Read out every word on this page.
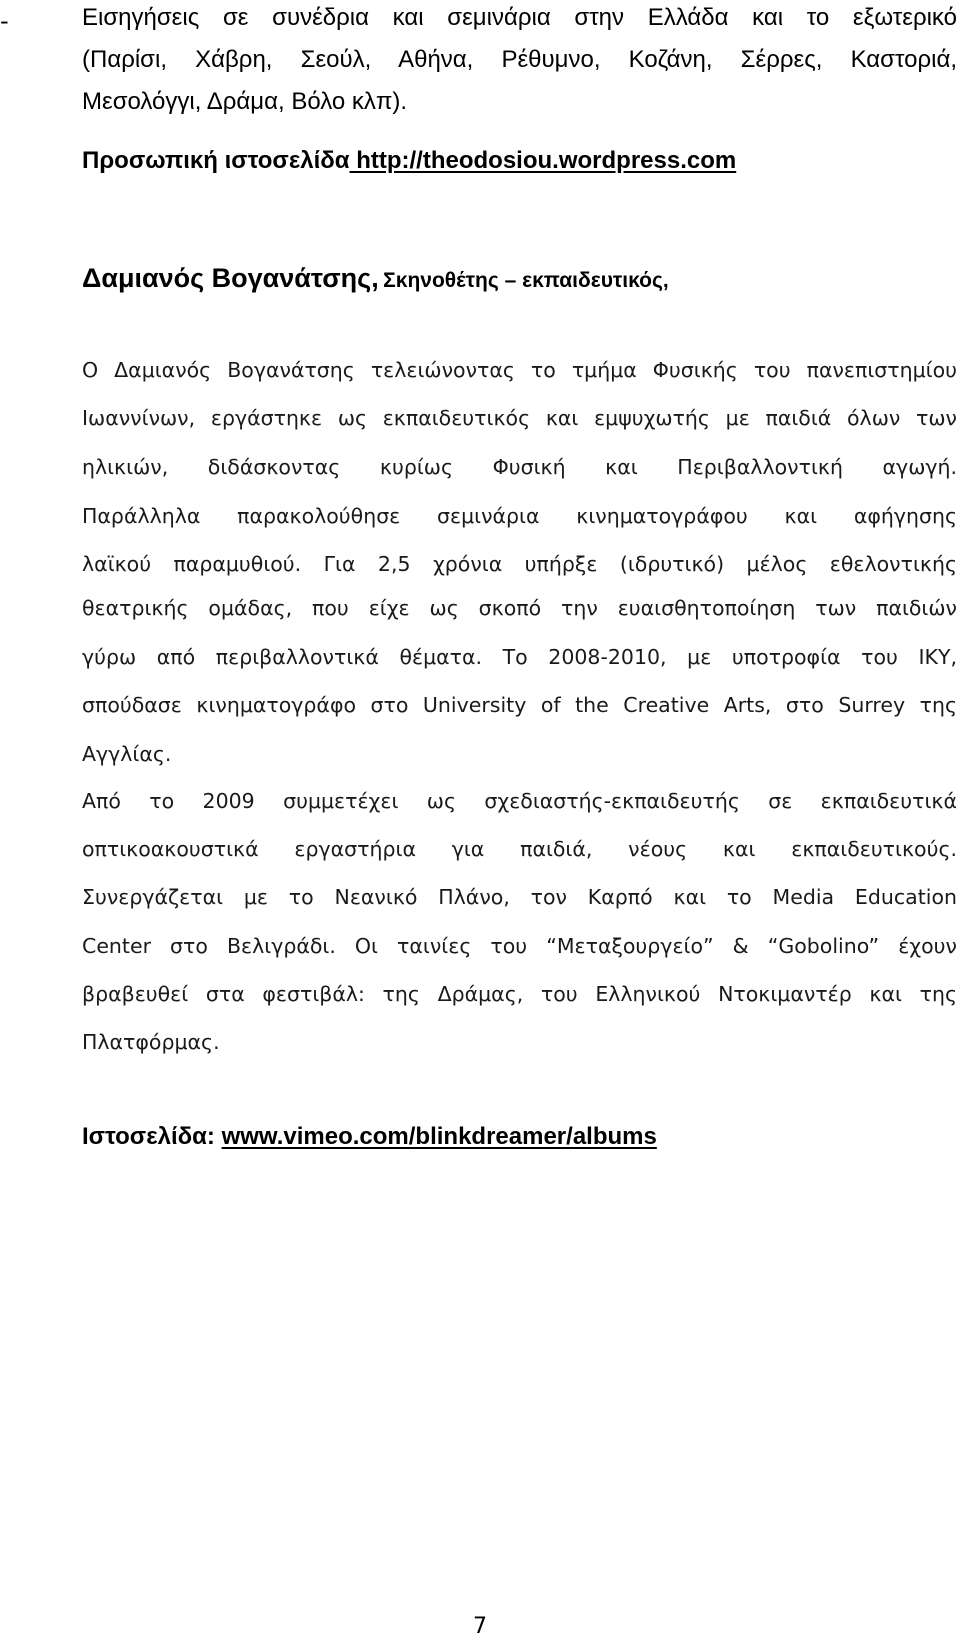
-	Εισηγήσεις σε συνέδρια και σεμινάρια στην Ελλάδα και το εξωτερικό
(Παρίσι, Χάβρη, Σεούλ, Αθήνα, Ρέθυμνο, Κοζάνη, Σέρρες, Καστοριά,
Μεσολόγγι, Δράμα, Βόλο κλπ).
Προσωπική ιστοσελίδα http://theodosiou.wordpress.com
Δαμιανός Βογανάτσης, Σκηνοθέτης – εκπαιδευτικός,
Ο Δαμιανός Βογανάτσης τελειώνοντας το τμήμα Φυσικής του πανεπιστημίου
Ιωαννίνων, εργάστηκε ως εκπαιδευτικός και εμψυχωτής με παιδιά όλων των
ηλικιών, διδάσκοντας κυρίως Φυσική και Περιβαλλοντική αγωγή.
Παράλληλα παρακολούθησε σεμινάρια κινηματογράφου και αφήγησης
λαϊκού παραμυθιού. Για 2,5 χρόνια υπήρξε (ιδρυτικό) μέλος εθελοντικής
θεατρικής ομάδας, που είχε ως σκοπό την ευαισθητοποίηση των παιδιών
γύρω από περιβαλλοντικά θέματα. Το 2008-2010, με υποτροφία του ΙΚΥ,
σπούδασε κινηματογράφο στο University of the Creative Arts, στο Surrey της
Αγγλίας.
Από το 2009 συμμετέχει ως σχεδιαστής-εκπαιδευτής σε εκπαιδευτικά
οπτικοακουστικά εργαστήρια για παιδιά, νέους και εκπαιδευτικούς.
Συνεργάζεται με το Νεανικό Πλάνο, τον Καρπό και το Media Education
Center στο Βελιγράδι. Οι ταινίες του “Μεταξουργείο” & “Gobolino” έχουν
βραβευθεί στα φεστιβάλ: της Δράμας, του Ελληνικού Ντοκιμαντέρ και της
Πλατφόρμας.
Ιστοσελίδα: www.vimeo.com/blinkdreamer/albums
7
